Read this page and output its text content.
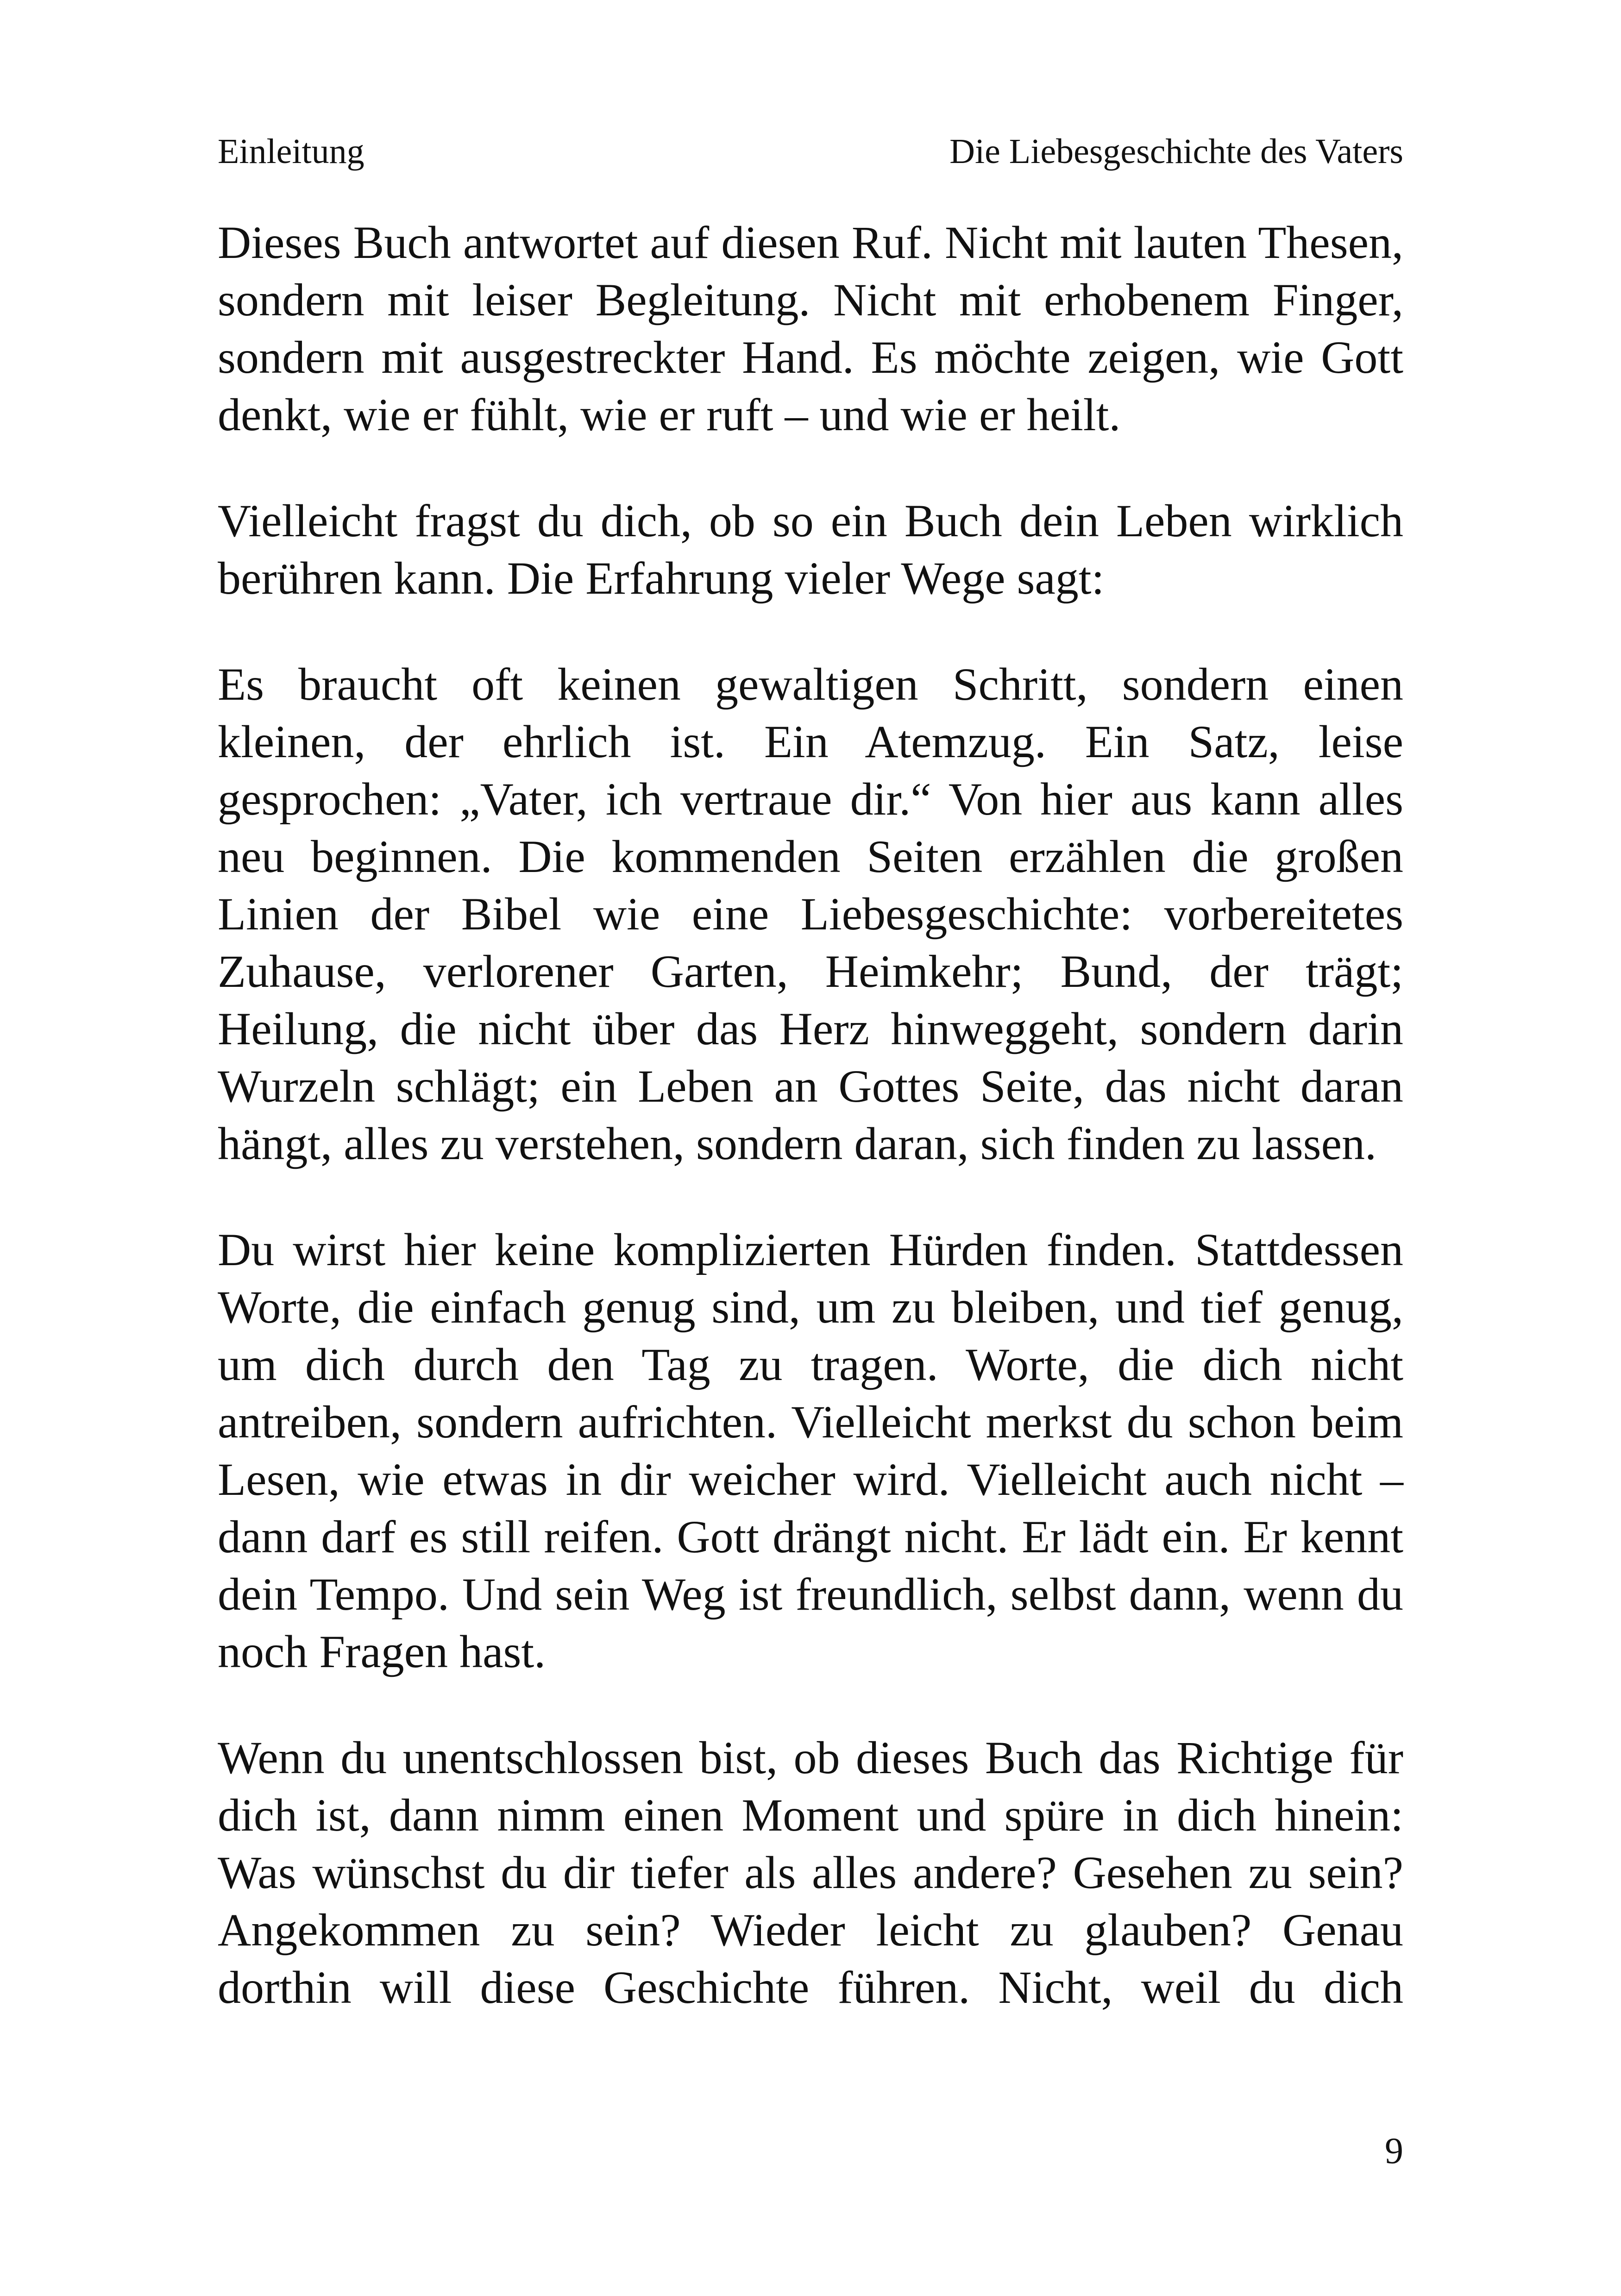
Einleitung	Die Liebesgeschichte des Vaters

Dieses Buch antwortet auf diesen Ruf. Nicht mit lauten Thesen,
sondern mit leiser Begleitung. Nicht mit erhobenem Finger,
sondern mit ausgestreckter Hand. Es möchte zeigen, wie Gott
denkt, wie er fühlt, wie er ruft – und wie er heilt.

Vielleicht fragst du dich, ob so ein Buch dein Leben wirklich
berühren kann. Die Erfahrung vieler Wege sagt:

Es braucht oft keinen gewaltigen Schritt, sondern einen
kleinen, der ehrlich ist. Ein Atemzug. Ein Satz, leise
gesprochen: „Vater, ich vertraue dir.“ Von hier aus kann alles
neu beginnen. Die kommenden Seiten erzählen die großen
Linien der Bibel wie eine Liebesgeschichte: vorbereitetes
Zuhause, verlorener Garten, Heimkehr; Bund, der trägt;
Heilung, die nicht über das Herz hinweggeht, sondern darin
Wurzeln schlägt; ein Leben an Gottes Seite, das nicht daran
hängt, alles zu verstehen, sondern daran, sich finden zu lassen.

Du wirst hier keine komplizierten Hürden finden. Stattdessen
Worte, die einfach genug sind, um zu bleiben, und tief genug,
um dich durch den Tag zu tragen. Worte, die dich nicht
antreiben, sondern aufrichten. Vielleicht merkst du schon beim
Lesen, wie etwas in dir weicher wird. Vielleicht auch nicht –
dann darf es still reifen. Gott drängt nicht. Er lädt ein. Er kennt
dein Tempo. Und sein Weg ist freundlich, selbst dann, wenn du
noch Fragen hast.

Wenn du unentschlossen bist, ob dieses Buch das Richtige für
dich ist, dann nimm einen Moment und spüre in dich hinein:
Was wünschst du dir tiefer als alles andere? Gesehen zu sein?
Angekommen zu sein? Wieder leicht zu glauben? Genau
dorthin will diese Geschichte führen. Nicht, weil du dich

9
